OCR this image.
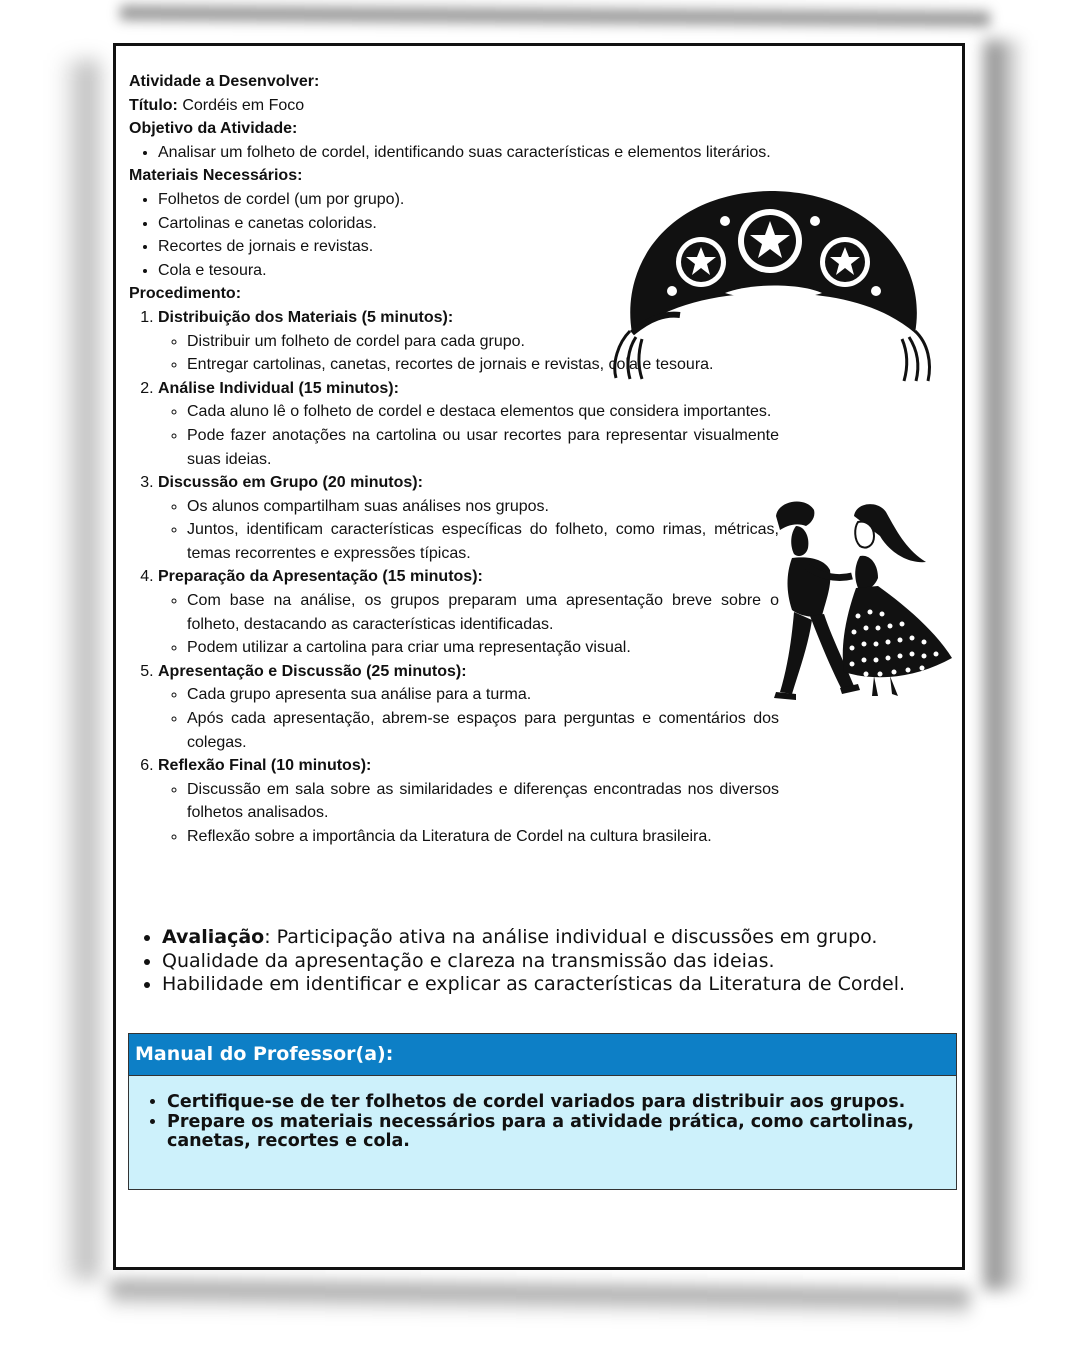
Atividade a Desenvolver:

Título: Cordéis em Foco

Objetivo da Atividade:

• Analisar um folheto de cordel, identificando suas características e elementos literários.

Materiais Necessários:

• Folhetos de cordel (um por grupo).
• Cartolinas e canetas coloridas.
• Recortes de jornais e revistas.
• Cola e tesoura.

Procedimento:

1. Distribuição dos Materiais (5 minutos):
◦ Distribuir um folheto de cordel para cada grupo.
◦ Entregar cartolinas, canetas, recortes de jornais e revistas, cola e tesoura.
2. Análise Individual (15 minutos):
◦ Cada aluno lê o folheto de cordel e destaca elementos que considera importantes.
◦ Pode fazer anotações na cartolina ou usar recortes para representar visualmente suas ideias.
3. Discussão em Grupo (20 minutos):
◦ Os alunos compartilham suas análises nos grupos.
◦ Juntos, identificam características específicas do folheto, como rimas, métricas, temas recorrentes e expressões típicas.
4. Preparação da Apresentação (15 minutos):
◦ Com base na análise, os grupos preparam uma apresentação breve sobre o folheto, destacando as características identificadas.
◦ Podem utilizar a cartolina para criar uma representação visual.
5. Apresentação e Discussão (25 minutos):
◦ Cada grupo apresenta sua análise para a turma.
◦ Após cada apresentação, abrem-se espaços para perguntas e comentários dos colegas.
6. Reflexão Final (10 minutos):
◦ Discussão em sala sobre as similaridades e diferenças encontradas nos diversos folhetos analisados.
◦ Reflexão sobre a importância da Literatura de Cordel na cultura brasileira.
• Avaliação: Participação ativa na análise individual e discussões em grupo.
• Qualidade da apresentação e clareza na transmissão das ideias.
• Habilidade em identificar e explicar as características da Literatura de Cordel.
Manual do Professor(a):
• Certifique-se de ter folhetos de cordel variados para distribuir aos grupos.
• Prepare os materiais necessários para a atividade prática, como cartolinas, canetas, recortes e cola.
